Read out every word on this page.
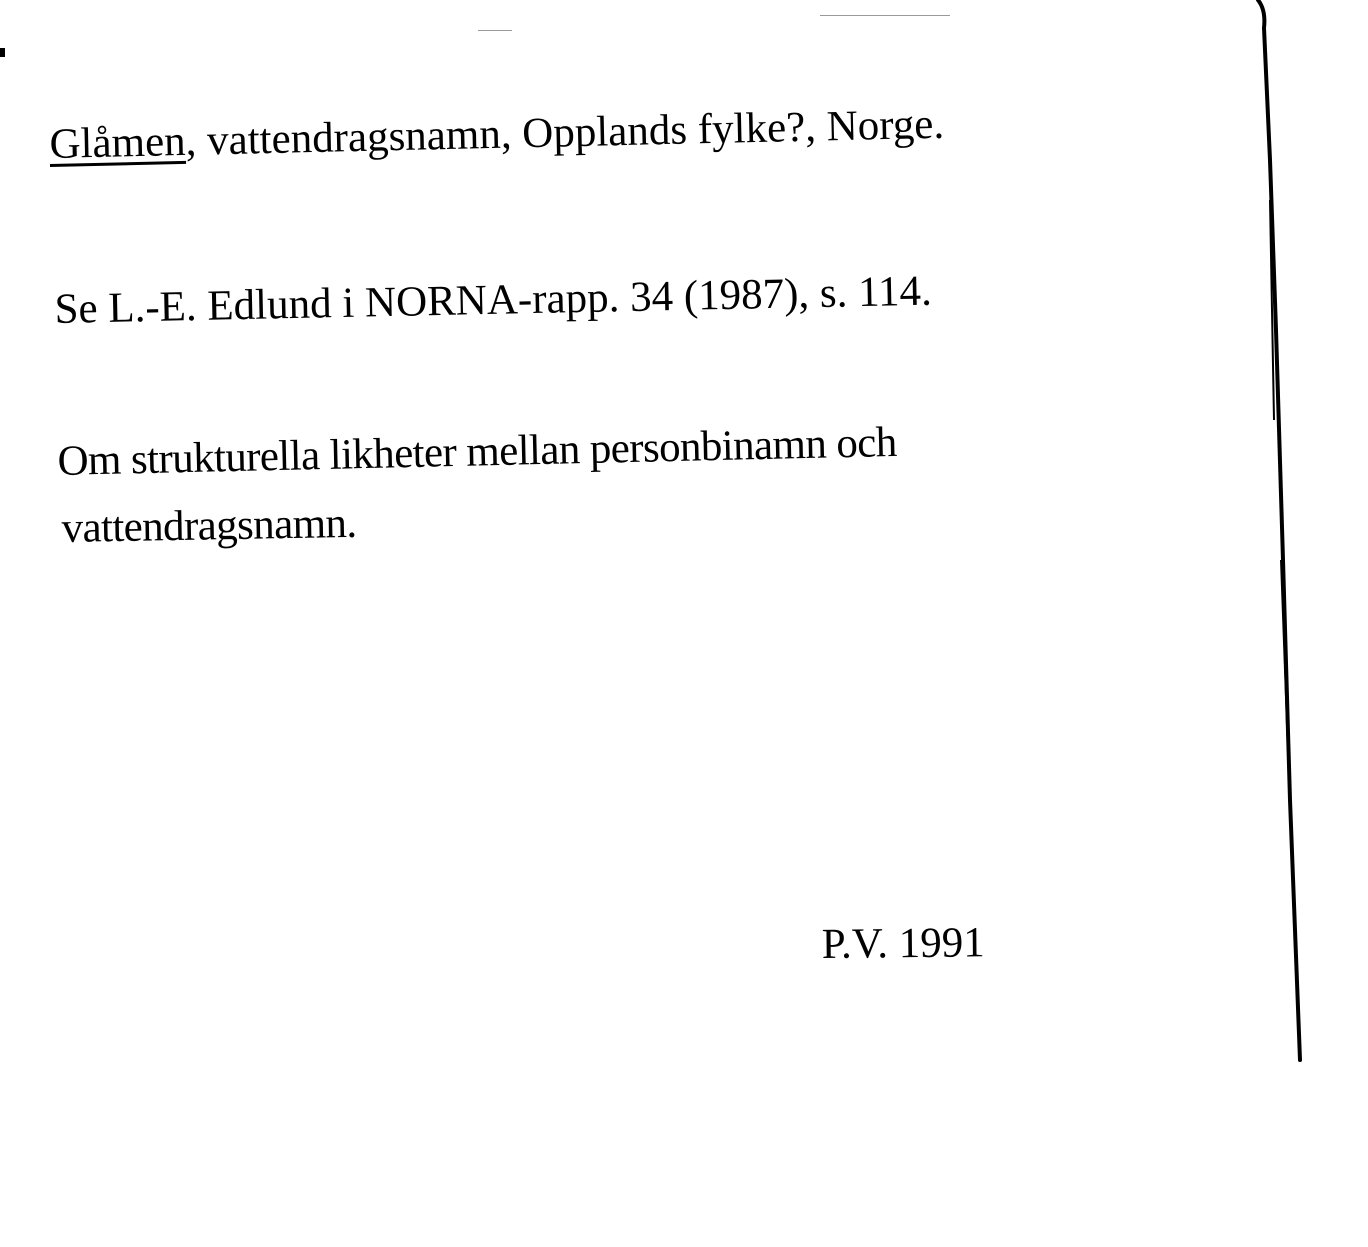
Glåmen, vattendragsnamn, Opplands fylke?, Norge.
Se L.-E. Edlund i NORNA-rapp. 34 (1987), s. 114.
Om strukturella likheter mellan personbinamn och
vattendragsnamn.
P.V. 1991
